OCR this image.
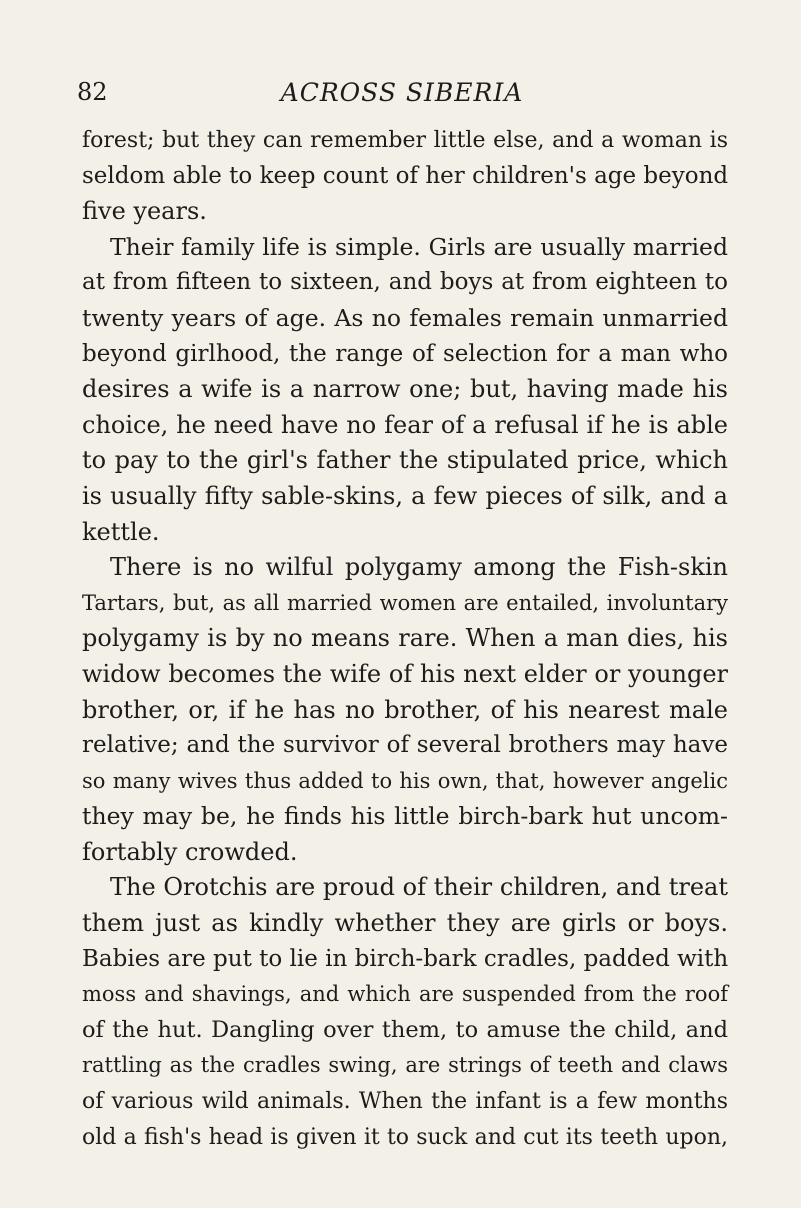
82	ACROSS SIBERIA
forest; but they can remember little else, and a woman is
seldom able to keep count of her children's age beyond
five years.
Their family life is simple. Girls are usually married
at from fifteen to sixteen, and boys at from eighteen to
twenty years of age. As no females remain unmarried
beyond girlhood, the range of selection for a man who
desires a wife is a narrow one; but, having made his
choice, he need have no fear of a refusal if he is able
to pay to the girl's father the stipulated price, which
is usually fifty sable-skins, a few pieces of silk, and a
kettle.
There is no wilful polygamy among the Fish-skin
Tartars, but, as all married women are entailed, involuntary
polygamy is by no means rare. When a man dies, his
widow becomes the wife of his next elder or younger
brother, or, if he has no brother, of his nearest male
relative; and the survivor of several brothers may have
so many wives thus added to his own, that, however angelic
they may be, he finds his little birch-bark hut uncom-
fortably crowded.
The Orotchis are proud of their children, and treat
them just as kindly whether they are girls or boys.
Babies are put to lie in birch-bark cradles, padded with
moss and shavings, and which are suspended from the roof
of the hut. Dangling over them, to amuse the child, and
rattling as the cradles swing, are strings of teeth and claws
of various wild animals. When the infant is a few months
old a fish's head is given it to suck and cut its teeth upon,
